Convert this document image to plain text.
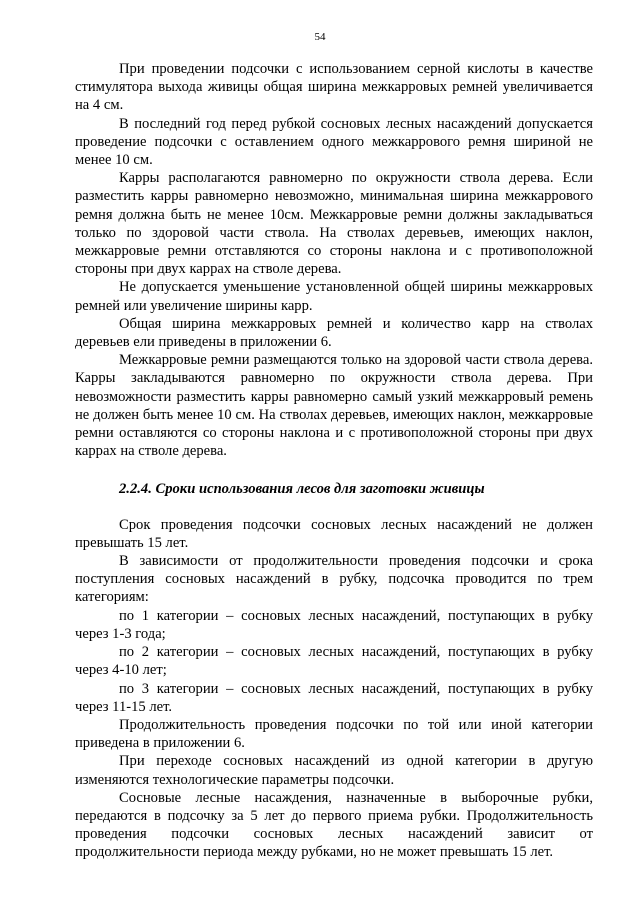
54

При проведении подсочки с использованием серной кислоты в качестве стимулятора выхода живицы общая ширина межкарровых ремней увеличивается на 4 см.

В последний год перед рубкой сосновых лесных насаждений допускается проведение подсочки с оставлением одного межкаррового ремня шириной не менее 10 см.

Карры располагаются равномерно по окружности ствола дерева. Если разместить карры равномерно невозможно, минимальная ширина межкаррового ремня должна быть не менее 10см. Межкарровые ремни должны закладываться только по здоровой части ствола. На стволах деревьев, имеющих наклон, межкарровые ремни отставляются со стороны наклона и с противоположной стороны при двух каррах на стволе дерева.

Не допускается уменьшение установленной общей ширины межкарровых ремней или увеличение ширины карр.

Общая ширина межкарровых ремней и количество карр на стволах деревьев ели приведены в приложении 6.

Межкарровые ремни размещаются только на здоровой части ствола дерева. Карры закладываются равномерно по окружности ствола дерева. При невозможности разместить карры равномерно самый узкий межкарровый ремень не должен быть менее 10 см. На стволах деревьев, имеющих наклон, межкарровые ремни оставляются со стороны наклона и с противоположной стороны при двух каррах на стволе дерева.

2.2.4. Сроки использования лесов для заготовки живицы

Срок проведения подсочки сосновых лесных насаждений не должен превышать 15 лет.

В зависимости от продолжительности проведения подсочки и срока поступления сосновых насаждений в рубку, подсочка проводится по трем категориям:

по 1 категории – сосновых лесных насаждений, поступающих в рубку через 1-3 года;

по 2 категории – сосновых лесных насаждений, поступающих в рубку через 4-10 лет;

по 3 категории – сосновых лесных насаждений, поступающих в рубку через 11-15 лет.

Продолжительность проведения подсочки по той или иной категории приведена в приложении 6.

При переходе сосновых насаждений из одной категории в другую изменяются технологические параметры подсочки.

Сосновые лесные насаждения, назначенные в выборочные рубки, передаются в подсочку за 5 лет до первого приема рубки. Продолжительность проведения подсочки сосновых лесных насаждений зависит от продолжительности периода между рубками, но не может превышать 15 лет.
